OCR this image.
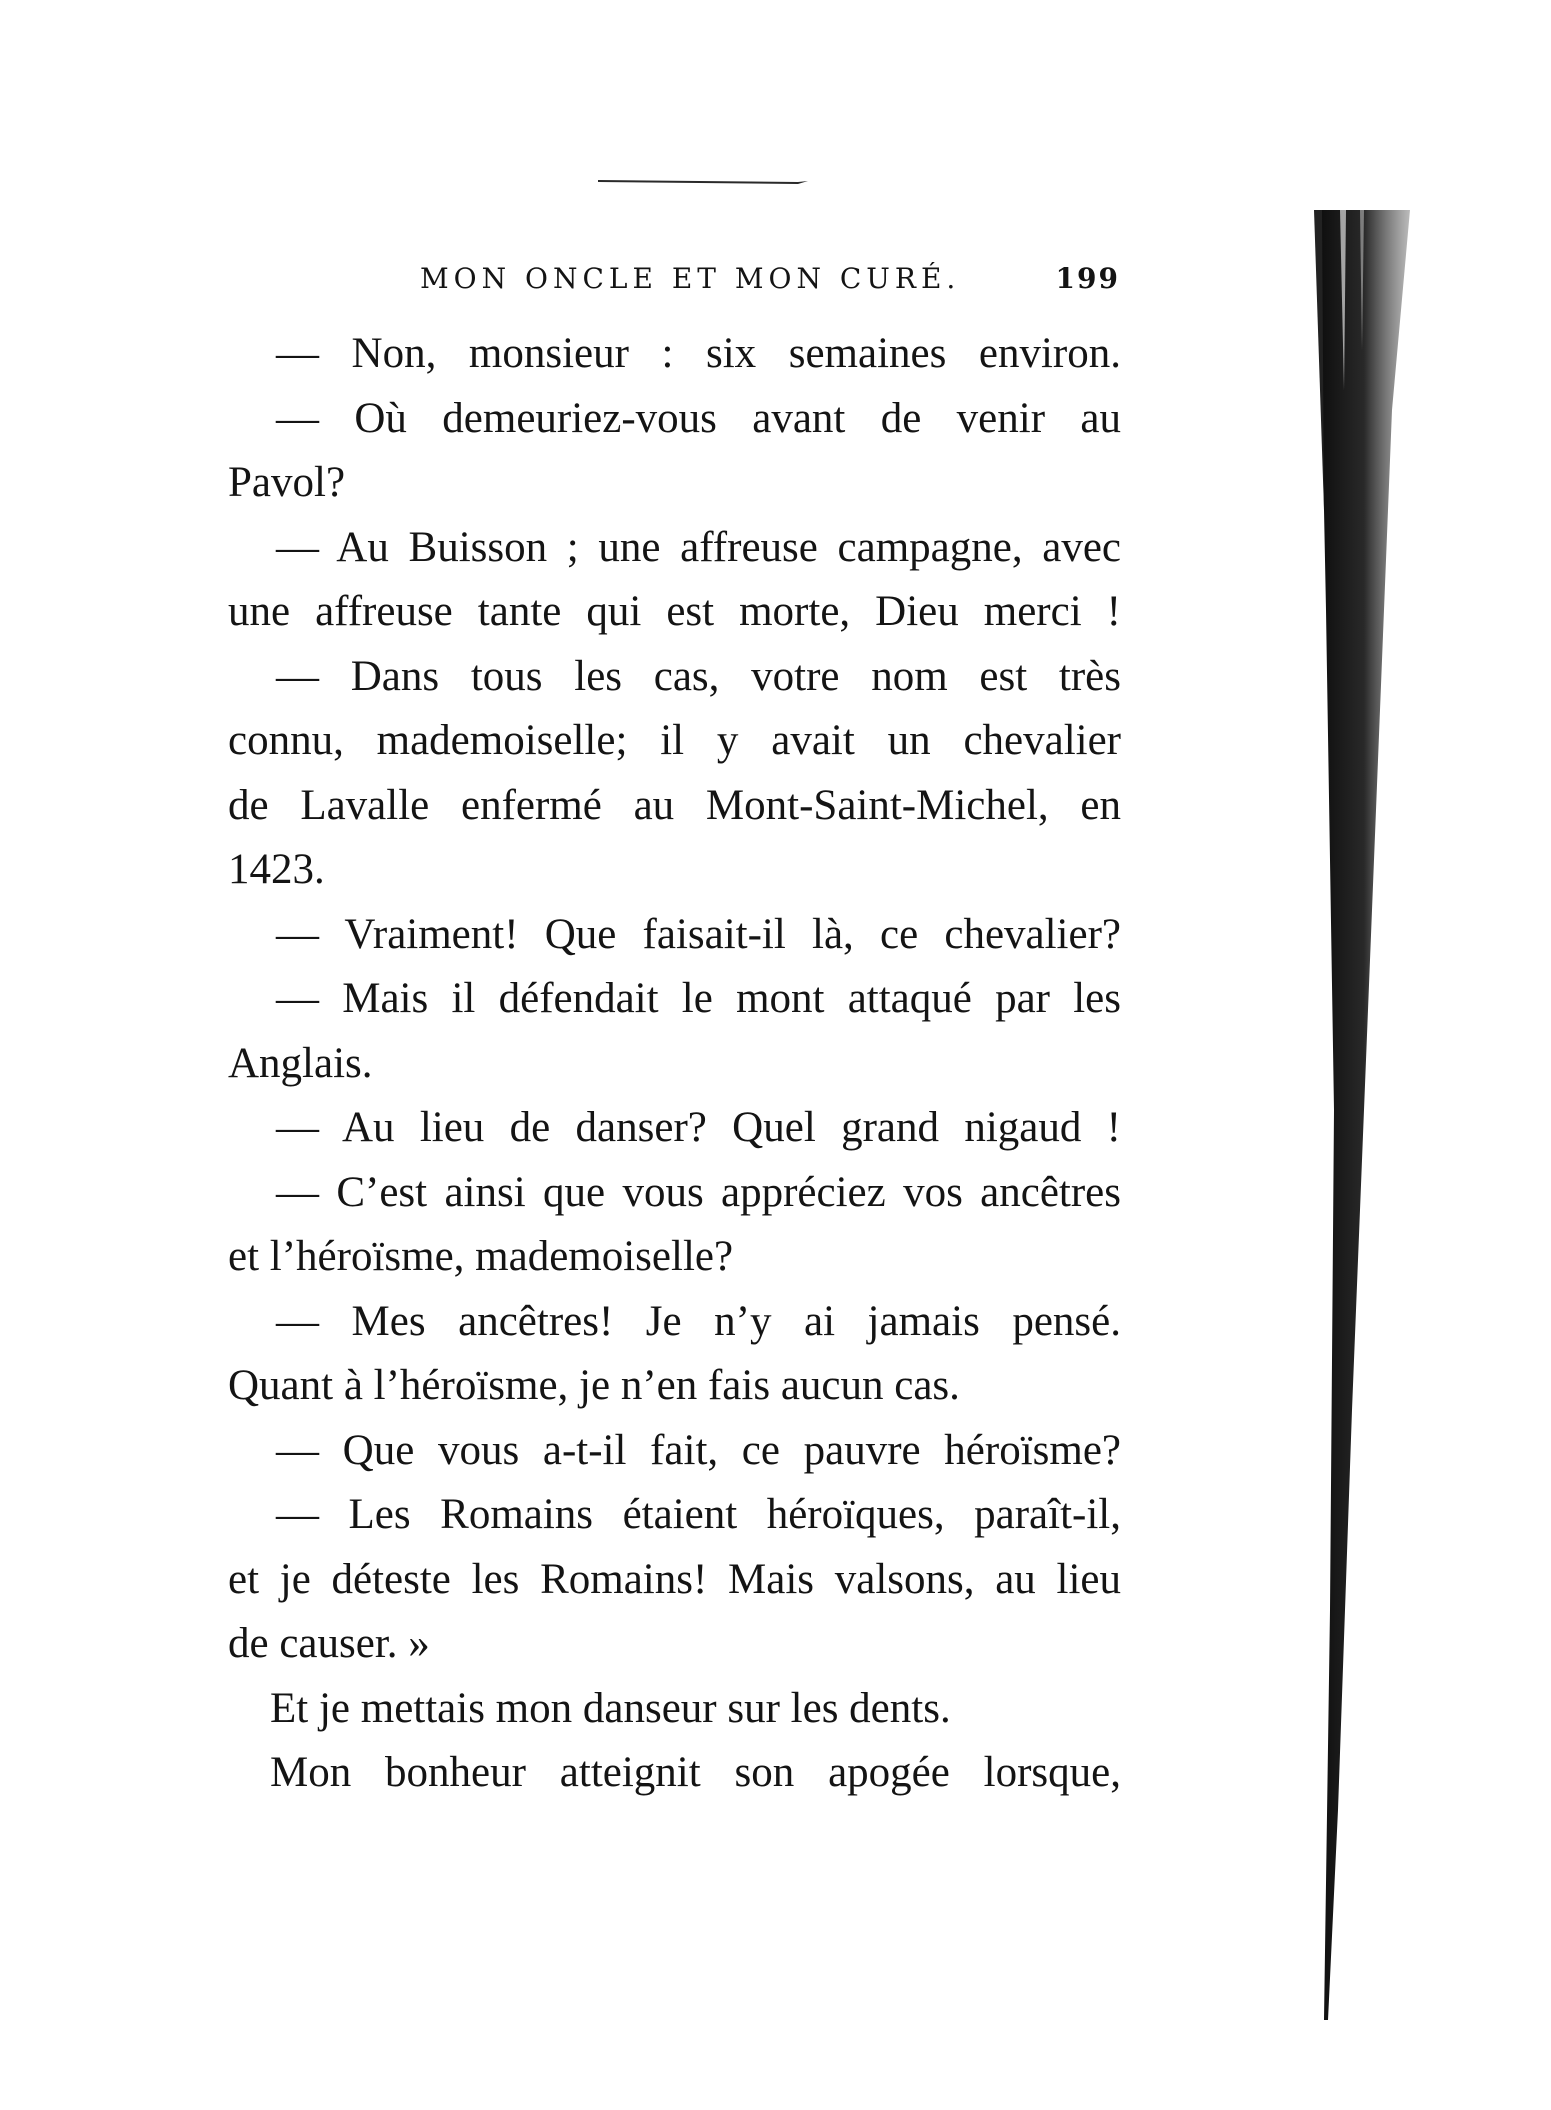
MON ONCLE ET MON CURÉ.	199
— Non, monsieur : six semaines environ.
— Où demeuriez-vous avant de venir au
Pavol?
— Au Buisson ; une affreuse campagne, avec
une affreuse tante qui est morte, Dieu merci !
— Dans tous les cas, votre nom est très
connu, mademoiselle; il y avait un chevalier
de Lavalle enfermé au Mont-Saint-Michel, en
1423.
— Vraiment! Que faisait-il là, ce chevalier?
— Mais il défendait le mont attaqué par les
Anglais.
— Au lieu de danser? Quel grand nigaud !
— C’est ainsi que vous appréciez vos ancêtres
et l’héroïsme, mademoiselle?
— Mes ancêtres! Je n’y ai jamais pensé.
Quant à l’héroïsme, je n’en fais aucun cas.
— Que vous a-t-il fait, ce pauvre héroïsme?
— Les Romains étaient héroïques, paraît-il,
et je déteste les Romains! Mais valsons, au lieu
de causer. »
Et je mettais mon danseur sur les dents.
Mon bonheur atteignit son apogée lorsque,
